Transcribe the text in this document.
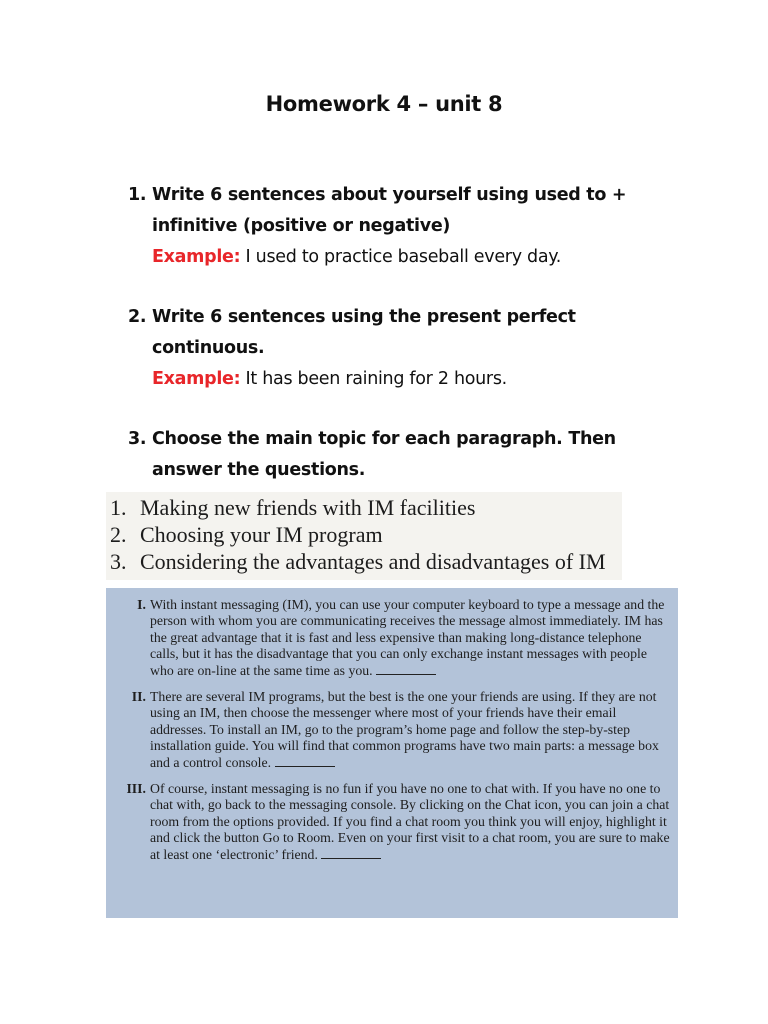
Homework 4 – unit 8
1. Write 6 sentences about yourself using used to +
infinitive (positive or negative)
Example: I used to practice baseball every day.
2. Write 6 sentences using the present perfect
continuous.
Example: It has been raining for 2 hours.
3. Choose the main topic for each paragraph. Then
answer the questions.
1. Making new friends with IM facilities
2. Choosing your IM program
3. Considering the advantages and disadvantages of IM
I. With instant messaging (IM), you can use your computer keyboard to type a message and the person with whom you are communicating receives the message almost immediately. IM has the great advantage that it is fast and less expensive than making long-distance telephone calls, but it has the disadvantage that you can only exchange instant messages with people who are on-line at the same time as you.
II. There are several IM programs, but the best is the one your friends are using. If they are not using an IM, then choose the messenger where most of your friends have their email addresses. To install an IM, go to the program’s home page and follow the step-by-step installation guide. You will find that common programs have two main parts: a message box and a control console.
III. Of course, instant messaging is no fun if you have no one to chat with. If you have no one to chat with, go back to the messaging console. By clicking on the Chat icon, you can join a chat room from the options provided. If you find a chat room you think you will enjoy, highlight it and click the button Go to Room. Even on your first visit to a chat room, you are sure to make at least one ‘electronic’ friend.
